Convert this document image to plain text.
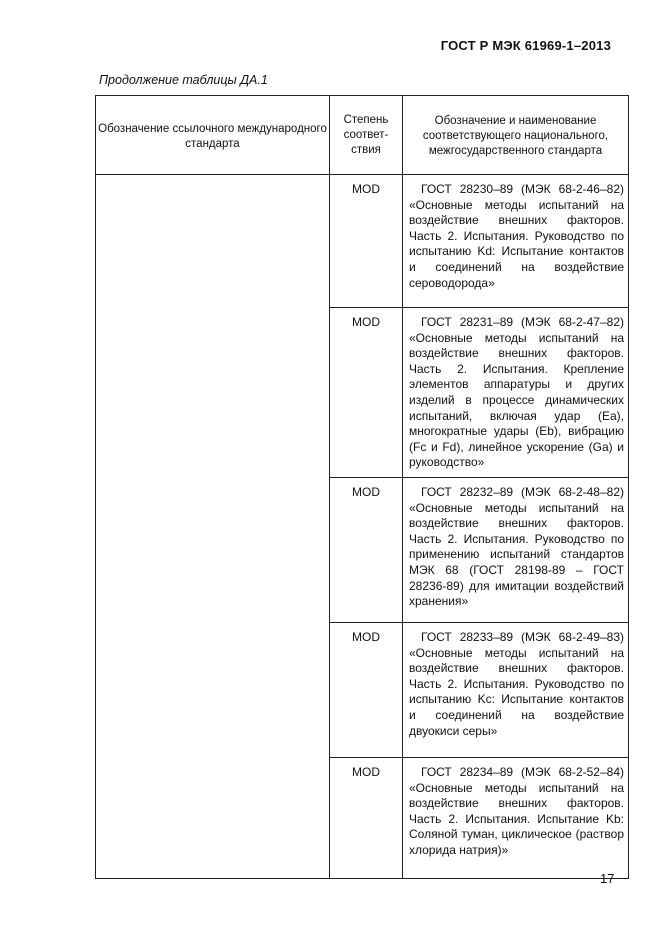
ГОСТ Р МЭК 61969-1–2013
Продолжение таблицы ДА.1
Обозначение ссылочного международного стандарта	Степень соответ-ствия	Обозначение и наименование соответствующего национального, межгосударственного стандарта
	MOD	ГОСТ 28230–89 (МЭК 68-2-46–82) «Основные методы испытаний на воздействие внешних факторов. Часть 2. Испытания. Руководство по испытанию Kd: Испытание контактов и соединений на воздействие сероводорода»
	MOD	ГОСТ 28231–89 (МЭК 68-2-47–82) «Основные методы испытаний на воздействие внешних факторов. Часть 2. Испытания. Крепление элементов аппаратуры и других изделий в процессе динамических испытаний, включая удар (Ea), многократные удары (Eb), вибрацию (Fc и Fd), линейное ускорение (Ga) и руководство»
	MOD	ГОСТ 28232–89 (МЭК 68-2-48–82) «Основные методы испытаний на воздействие внешних факторов. Часть 2. Испытания. Руководство по применению испытаний стандартов МЭК 68 (ГОСТ 28198-89 – ГОСТ 28236-89) для имитации воздействий хранения»
	MOD	ГОСТ 28233–89 (МЭК 68-2-49–83) «Основные методы испытаний на воздействие внешних факторов. Часть 2. Испытания. Руководство по испытанию Kc: Испытание контактов и соединений на воздействие двуокиси серы»
	MOD	ГОСТ 28234–89 (МЭК 68-2-52–84) «Основные методы испытаний на воздействие внешних факторов. Часть 2. Испытания. Испытание Kb: Соляной туман, циклическое (раствор хлорида натрия)»
17
